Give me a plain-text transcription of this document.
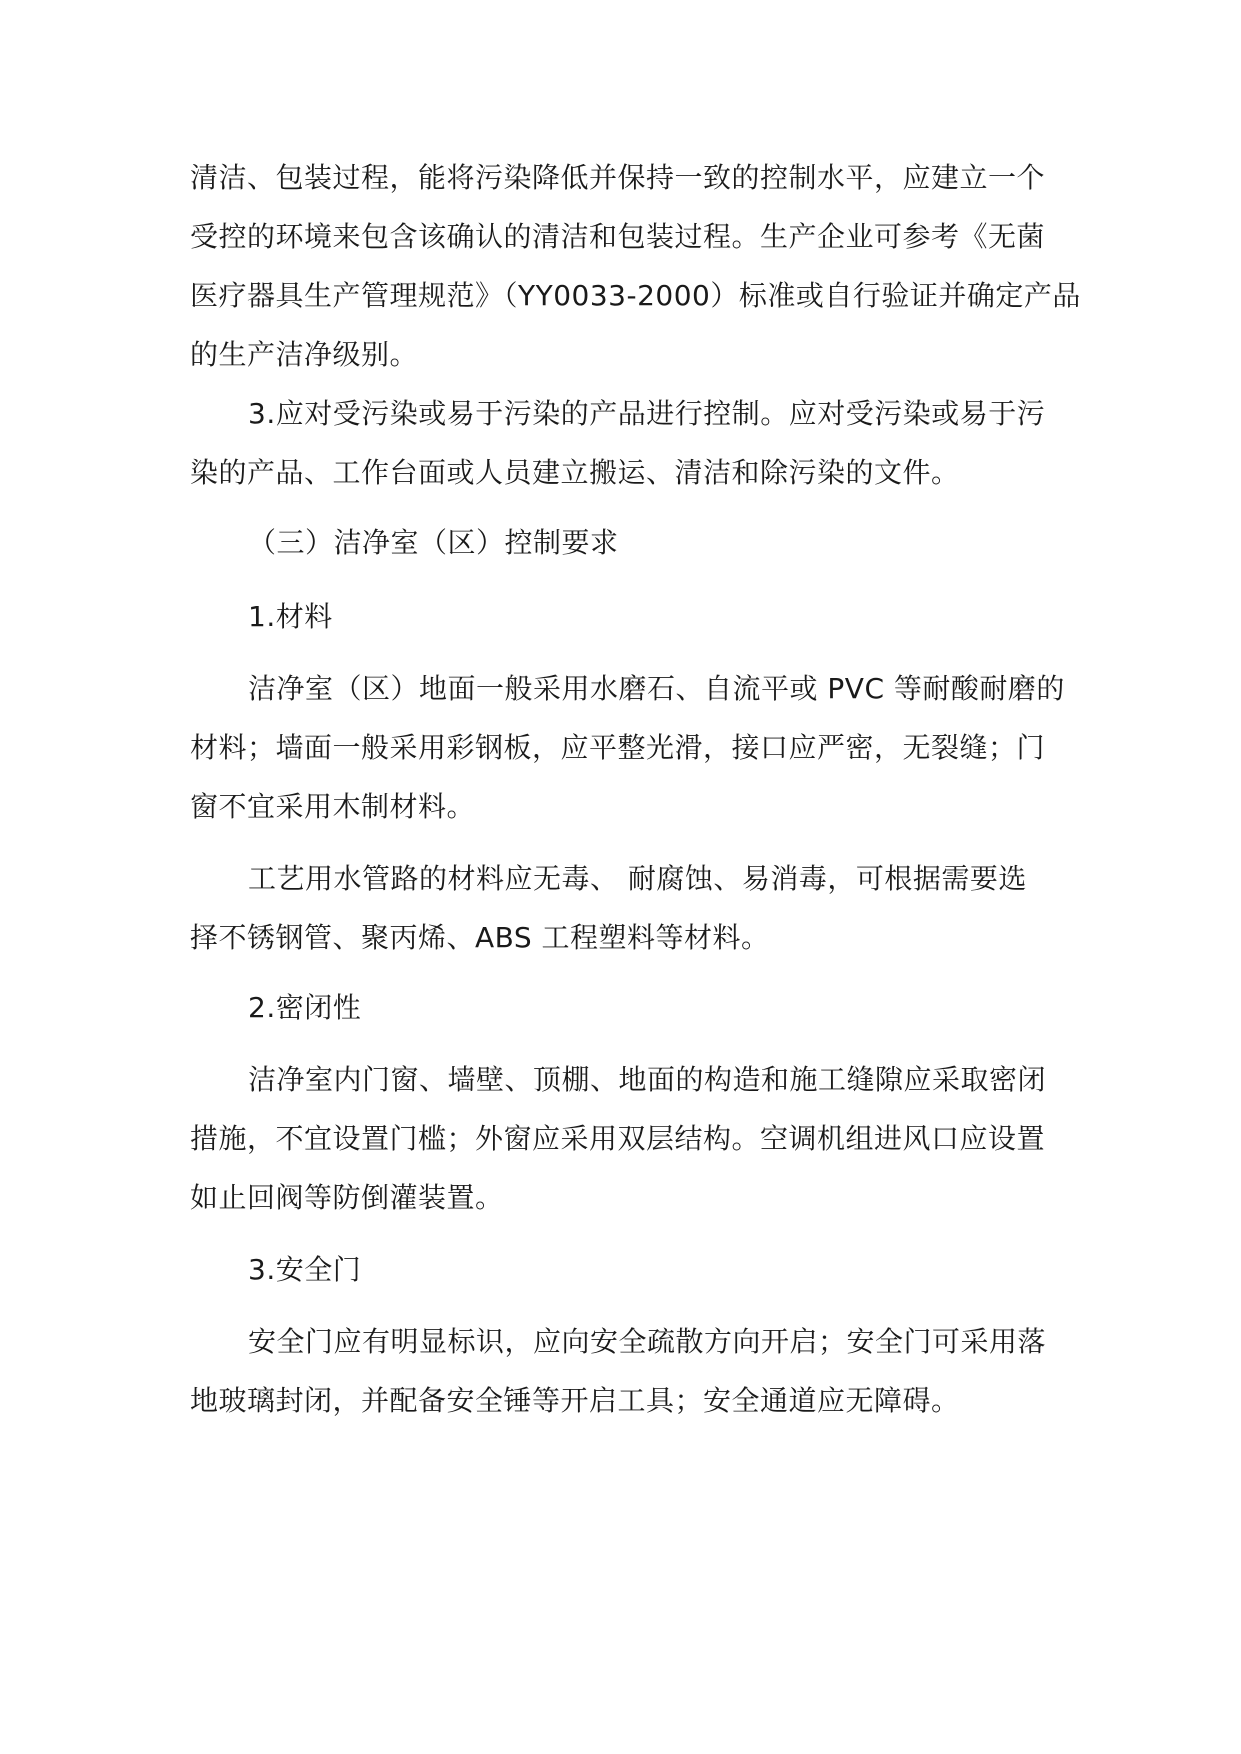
清洁、包装过程，能将污染降低并保持一致的控制水平，应建立一个
受控的环境来包含该确认的清洁和包装过程。生产企业可参考《无菌
医疗器具生产管理规范》（YY0033-2000）标准或自行验证并确定产品
的生产洁净级别。

3.应对受污染或易于污染的产品进行控制。应对受污染或易于污
染的产品、工作台面或人员建立搬运、清洁和除污染的文件。

（三）洁净室（区）控制要求

1.材料

洁净室（区）地面一般采用水磨石、自流平或 PVC 等耐酸耐磨的
材料；墙面一般采用彩钢板，应平整光滑，接口应严密，无裂缝；门
窗不宜采用木制材料。

工艺用水管路的材料应无毒、 耐腐蚀、易消毒，可根据需要选
择不锈钢管、聚丙烯、ABS 工程塑料等材料。

2.密闭性

洁净室内门窗、墙壁、顶棚、地面的构造和施工缝隙应采取密闭
措施，不宜设置门槛；外窗应采用双层结构。空调机组进风口应设置
如止回阀等防倒灌装置。

3.安全门

安全门应有明显标识，应向安全疏散方向开启；安全门可采用落
地玻璃封闭，并配备安全锤等开启工具；安全通道应无障碍。
